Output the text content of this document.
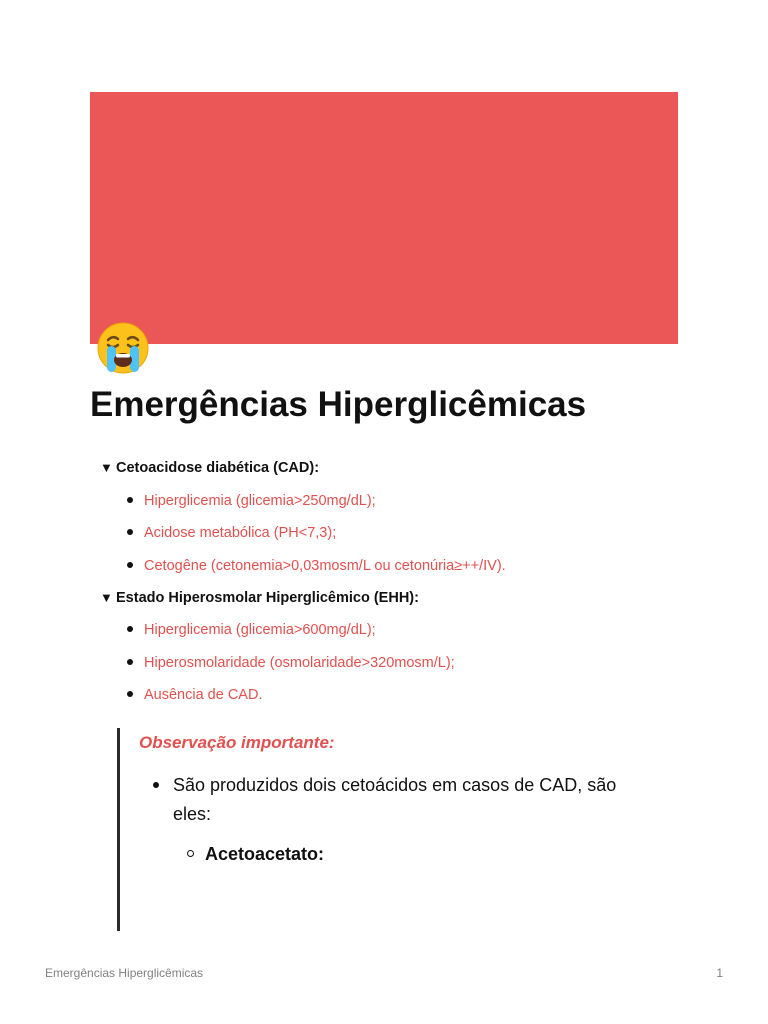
Emergências Hiperglicêmicas
▼ Cetoacidose diabética (CAD):
Hiperglicemia (glicemia>250mg/dL);
Acidose metabólica (PH<7,3);
Cetogêne (cetonemia>0,03mosm/L ou cetonúria≥++/IV).
▼ Estado Hiperosmolar Hiperglicêmico (EHH):
Hiperglicemia (glicemia>600mg/dL);
Hiperosmolaridade (osmolaridade>320mosm/L);
Ausência de CAD.
Observação importante:
São produzidos dois cetoácidos em casos de CAD, são eles:
Acetoacetato:
Emergências Hiperglicêmicas	1
